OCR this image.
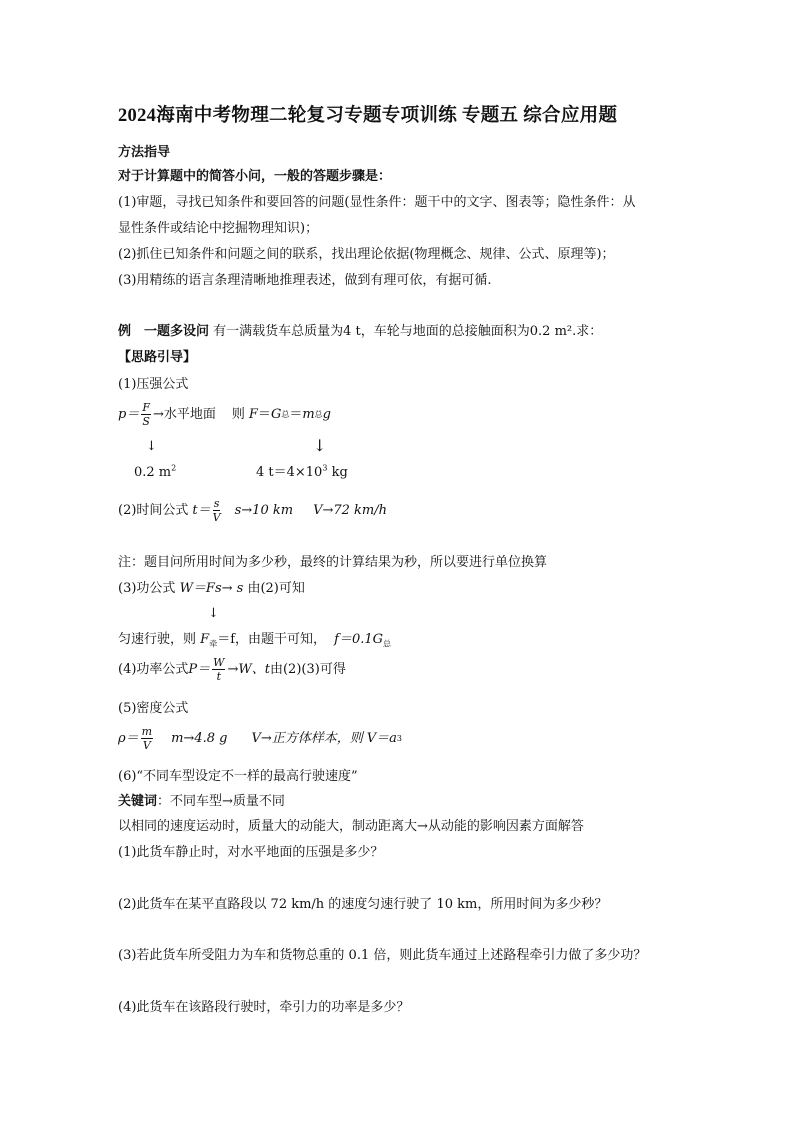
2024海南中考物理二轮复习专题专项训练 专题五 综合应用题
方法指导
对于计算题中的简答小问，一般的答题步骤是：
(1)审题，寻找已知条件和要回答的问题(显性条件：题干中的文字、图表等；隐性条件：从
显性条件或结论中挖掘物理知识)；
(2)抓住已知条件和问题之间的联系，找出理论依据(物理概念、规律、公式、原理等)；
(3)用精练的语言条理清晰地推理表述，做到有理可依，有据可循.
例　一题多设问 有一满载货车总质量为4 t，车轮与地面的总接触面积为0.2 m².求：
【思路引导】
(1)压强公式
$p= \frac{F}{S}$ →水平地面 则 F ＝ G 总 ＝ m 总 g
↓	↓
0.2 $m^2$	4 $t=4\times 10^3$ kg
(2)时间公式 $t= \frac{s}{V} s\to 10$ km V→72 km/h
注：题目问所用时间为多少秒，最终的计算结果为秒，所以要进行单位换算
(3)功公式 W＝Fs→ s 由(2)可知
↓
匀速行驶，则 $F_牵=f$，由题干可知， $f=0.1G_总$
(4)功率公式 $P= \frac{W}{t} \to W$、 t 由(2)(3)可得
(5)密度公式
$\rho= \frac{m}{V} m\to 4.8$ g V→正方体样本，则 V＝a 3
(6)“不同车型设定不一样的最高行驶速度”
关键词：不同车型→质量不同
以相同的速度运动时，质量大的动能大，制动距离大→从动能的影响因素方面解答
(1)此货车静止时，对水平地面的压强是多少？
(2)此货车在某平直路段以 72 km/h 的速度匀速行驶了 10 km，所用时间为多少秒？
(3)若此货车所受阻力为车和货物总重的 0.1 倍，则此货车通过上述路程牵引力做了多少功？
(4)此货车在该路段行驶时，牵引力的功率是多少？
